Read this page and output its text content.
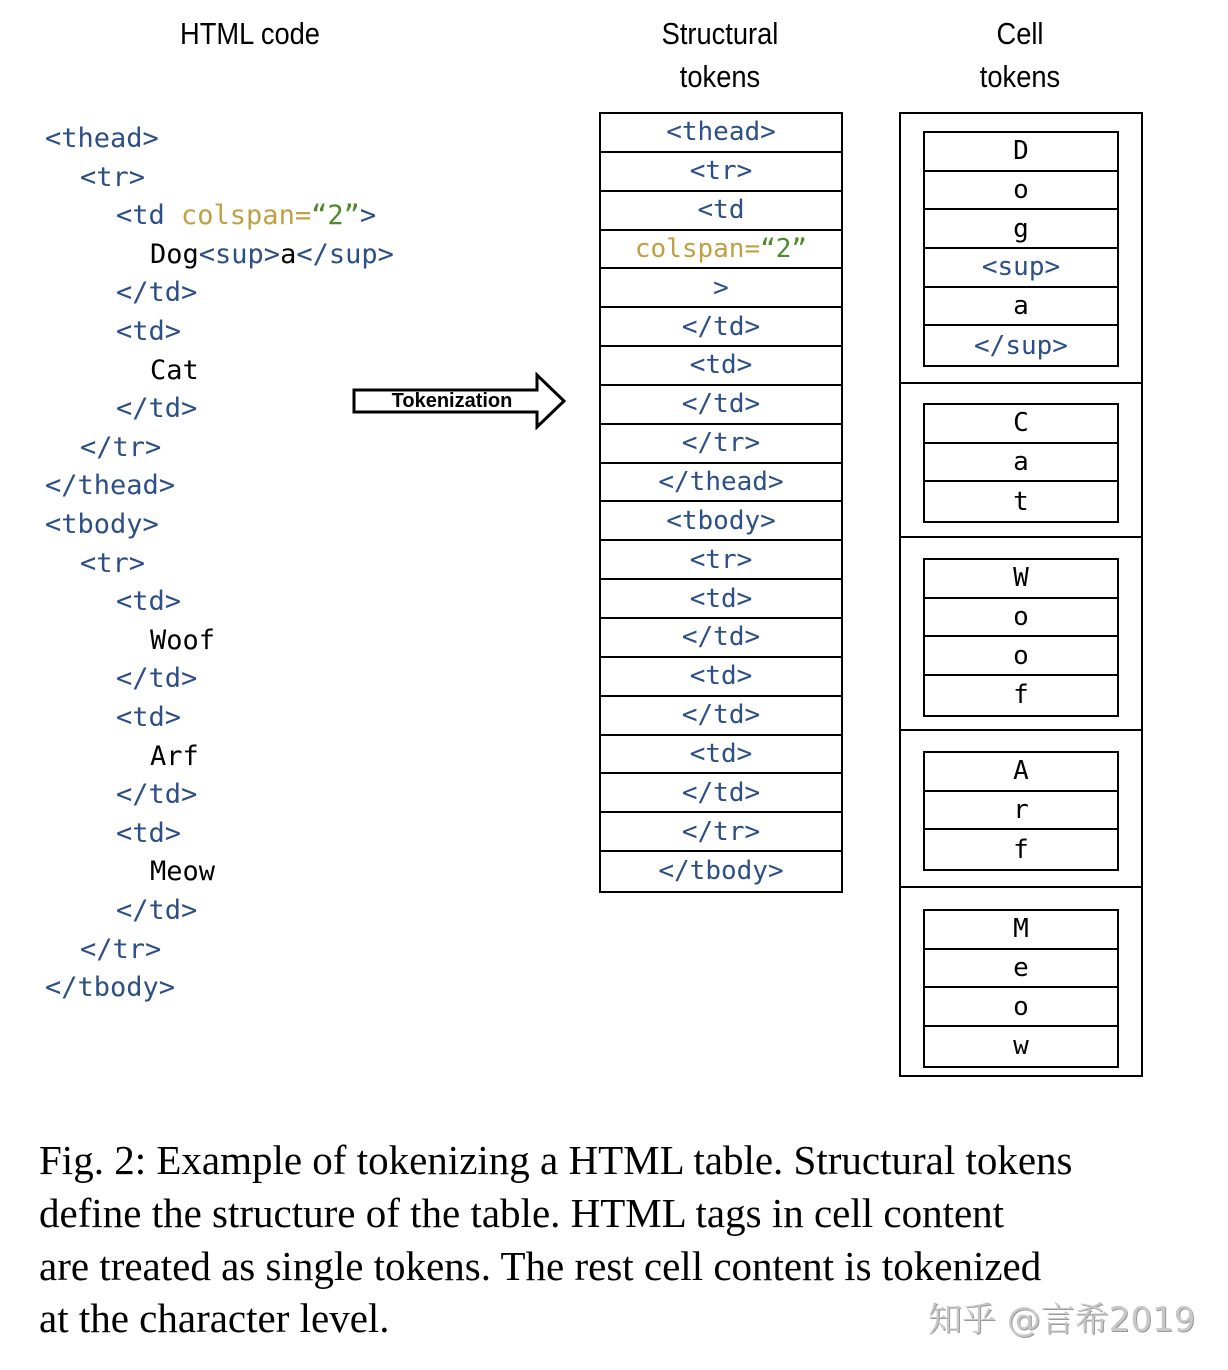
HTML code	Structural
tokens
Cell
tokens
<thead>
<tr>
<td colspan=“2”>
Dog<sup>a</sup>
</td>
<td>
Cat
</td>
</tr>
</thead>
<tbody>
<tr>
<td>
Woof
</td>
<td>
Arf
</td>
<td>
Meow
</td>
</tr>
</tbody>
Tokenization
<thead>
<tr>
<td
colspan= “2”
>
</td>
<td>
</td>
</tr>
</thead>
<tbody>
<tr>
<td>
</td>
<td>
</td>
<td>
</td>
</tr>
</tbody>
D
o
g
<sup>
a
</sup>
C
a
t
W
o
o
f
A
r
f
M
e
o
w
Fig. 2: Example of tokenizing a HTML table. Structural tokens
define the structure of the table. HTML tags in cell content
are treated as single tokens. The rest cell content is tokenized
at the character level.	知乎 @言希2019
